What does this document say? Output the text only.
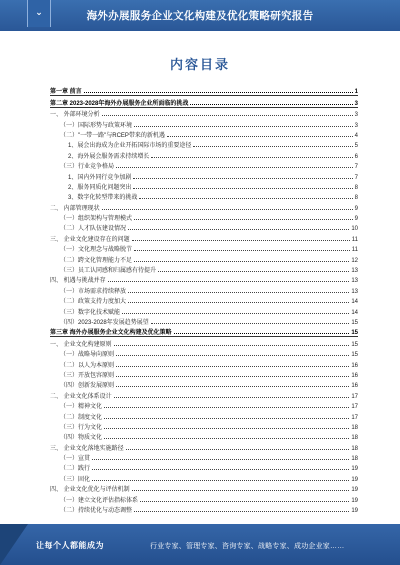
⌄	海外办展服务企业文化构建及优化策略研究报告
内容目录
第一章 前言	1
第二章 2023-2028年海外办展服务企业所面临的挑战	3
一、 外部环境分析	3
（一）国际形势与政策环境	3
（二）"一带一路"与RCEP带来的新机遇	4
1、展会出海成为企业开拓国际市场的重要途径	5
2、海外展会服务需求持续增长	6
（三）行业竞争格局	7
1、国内外同行竞争加剧	7
2、服务同质化问题突出	8
3、数字化转型带来的挑战	8
二、 内部管理现状	9
（一）组织架构与管理模式	9
（二）人才队伍建设情况	10
三、 企业文化建设存在的问题	11
（一）文化理念与战略脱节	11
（二）跨文化管理能力不足	12
（三）员工认同感和归属感有待提升	13
四、 机遇与挑战并存	13
（一）市场需求持续释放	13
（二）政策支持力度加大	14
（三）数字化技术赋能	14
（四）2023-2028年发展趋势展望	15
第三章 海外办展服务企业文化构建及优化策略	15
一、 企业文化构建原则	15
（一）战略导向原则	15
（二）以人为本原则	16
（三）开放包容原则	16
（四）创新发展原则	16
二、 企业文化体系设计	17
（一）精神文化	17
（二）制度文化	17
（三）行为文化	18
（四）物质文化	18
三、 企业文化落地实施路径	18
（一）宣贯	18
（二）践行	19
（三）固化	19
四、 企业文化优化与评估机制	19
（一）建立文化评估指标体系	19
（二）持续优化与动态调整	19
让每个人都能成为	行业专家、管理专家、咨询专家、战略专家、成功企业家……
